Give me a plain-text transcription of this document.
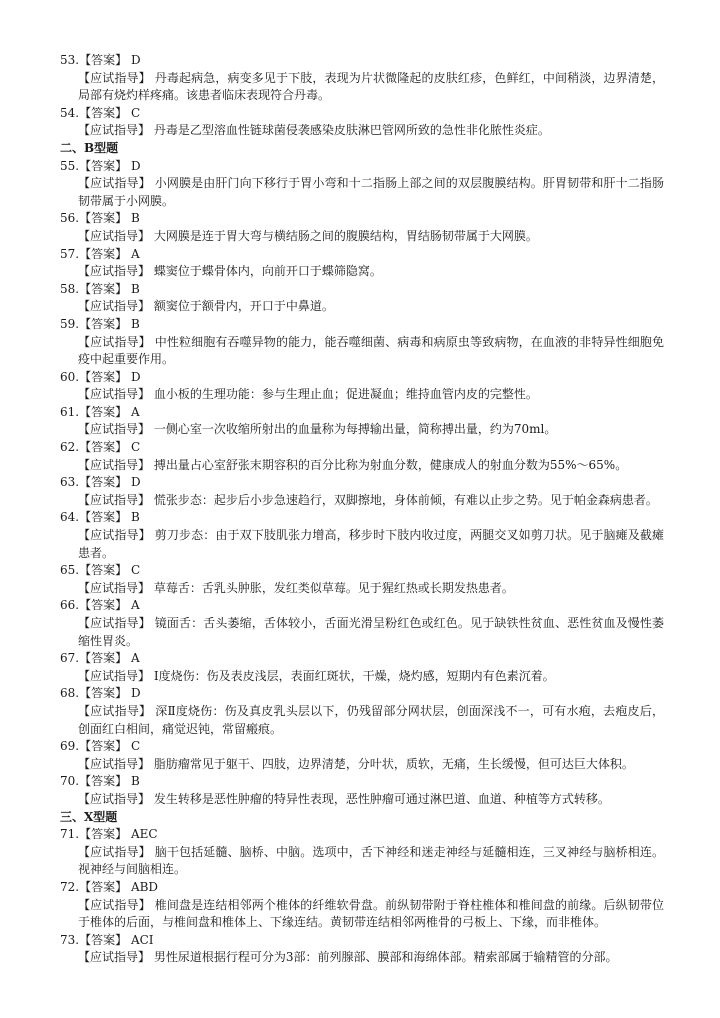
53.【答案】 D
【应试指导】 丹毒起病急，病变多见于下肢，表现为片状微隆起的皮肤红疹，色鲜红，中间稍淡，边界清楚，局部有烧灼样疼痛。该患者临床表现符合丹毒。
54.【答案】 C
【应试指导】 丹毒是乙型溶血性链球菌侵袭感染皮肤淋巴管网所致的急性非化脓性炎症。
二、B型题
55.【答案】 D
【应试指导】 小网膜是由肝门向下移行于胃小弯和十二指肠上部之间的双层腹膜结构。肝胃韧带和肝十二指肠韧带属于小网膜。
56.【答案】 B
【应试指导】 大网膜是连于胃大弯与横结肠之间的腹膜结构，胃结肠韧带属于大网膜。
57.【答案】 A
【应试指导】 蝶窦位于蝶骨体内，向前开口于蝶筛隐窝。
58.【答案】 B
【应试指导】 额窦位于额骨内，开口于中鼻道。
59.【答案】 B
【应试指导】 中性粒细胞有吞噬异物的能力，能吞噬细菌、病毒和病原虫等致病物，在血液的非特异性细胞免疫中起重要作用。
60.【答案】 D
【应试指导】 血小板的生理功能：参与生理止血；促进凝血；维持血管内皮的完整性。
61.【答案】 A
【应试指导】 一侧心室一次收缩所射出的血量称为每搏输出量，简称搏出量，约为70ml。
62.【答案】 C
【应试指导】 搏出量占心室舒张末期容积的百分比称为射血分数，健康成人的射血分数为55%～65%。
63.【答案】 D
【应试指导】 慌张步态：起步后小步急速趋行，双脚擦地，身体前倾，有难以止步之势。见于帕金森病患者。
64.【答案】 B
【应试指导】 剪刀步态：由于双下肢肌张力增高，移步时下肢内收过度，两腿交叉如剪刀状。见于脑瘫及截瘫患者。
65.【答案】 C
【应试指导】 草莓舌：舌乳头肿胀，发红类似草莓。见于猩红热或长期发热患者。
66.【答案】 A
【应试指导】 镜面舌：舌头萎缩，舌体较小，舌面光滑呈粉红色或红色。见于缺铁性贫血、恶性贫血及慢性萎缩性胃炎。
67.【答案】 A
【应试指导】 Ⅰ度烧伤：伤及表皮浅层，表面红斑状，干燥，烧灼感，短期内有色素沉着。
68.【答案】 D
【应试指导】 深Ⅱ度烧伤：伤及真皮乳头层以下，仍残留部分网状层，创面深浅不一，可有水疱，去疱皮后，创面红白相间，痛觉迟钝，常留瘢痕。
69.【答案】 C
【应试指导】 脂肪瘤常见于躯干、四肢，边界清楚，分叶状，质软，无痛，生长缓慢，但可达巨大体积。
70.【答案】 B
【应试指导】 发生转移是恶性肿瘤的特异性表现，恶性肿瘤可通过淋巴道、血道、种植等方式转移。
三、X型题
71.【答案】 AEC
【应试指导】 脑干包括延髓、脑桥、中脑。选项中，舌下神经和迷走神经与延髓相连，三叉神经与脑桥相连。视神经与间脑相连。
72.【答案】 ABD
【应试指导】 椎间盘是连结相邻两个椎体的纤维软骨盘。前纵韧带附于脊柱椎体和椎间盘的前缘。后纵韧带位于椎体的后面，与椎间盘和椎体上、下缘连结。黄韧带连结相邻两椎骨的弓板上、下缘，而非椎体。
73.【答案】 ACI
【应试指导】 男性尿道根据行程可分为3部：前列腺部、膜部和海绵体部。精索部属于输精管的分部。
